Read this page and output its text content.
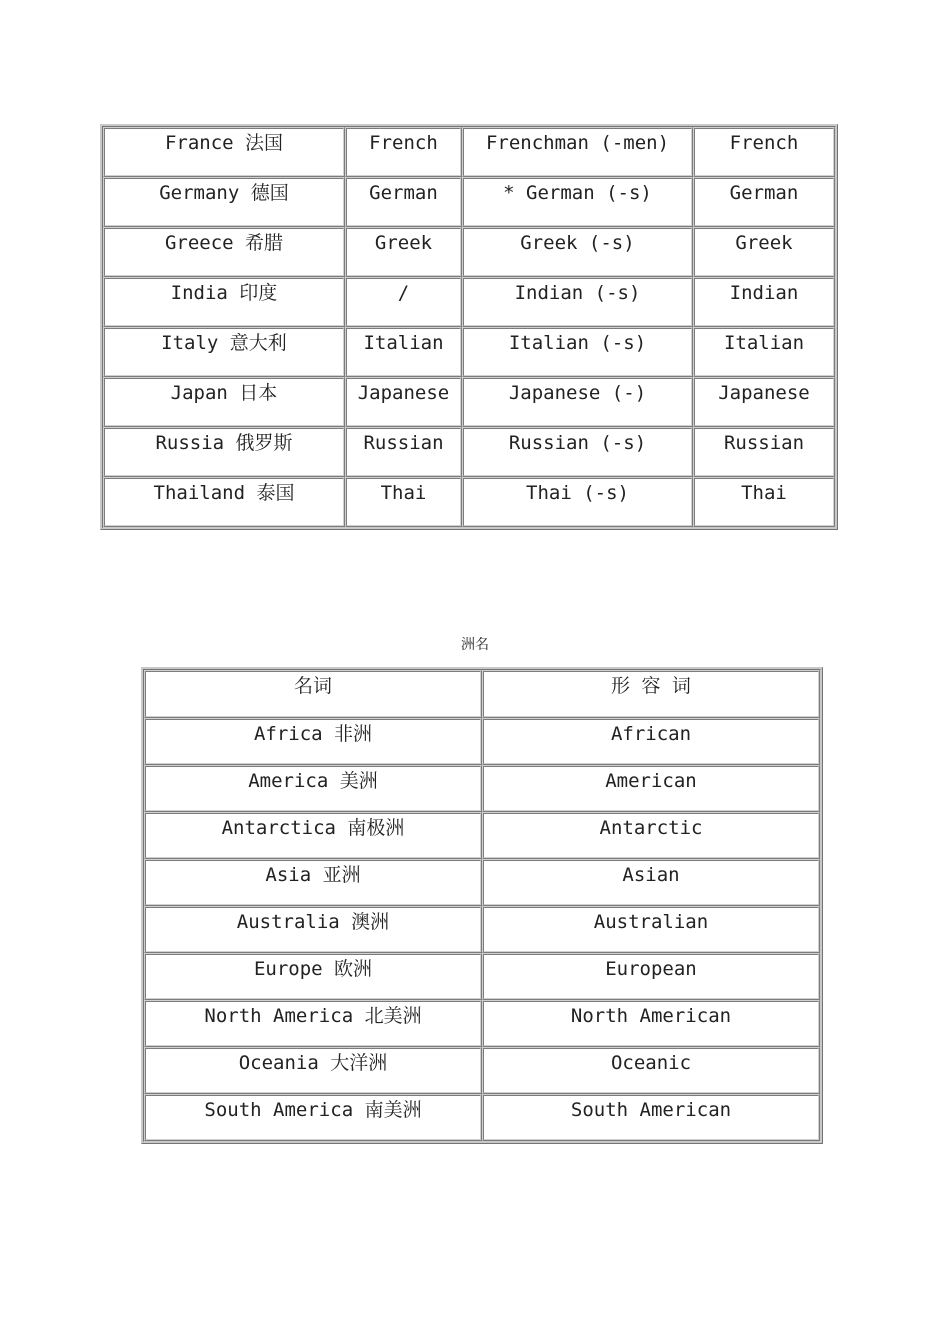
France 法国	French	Frenchman (-men)	French
Germany 德国	German	* German (-s)	German
Greece 希腊	Greek	Greek (-s)	Greek
India 印度	/	Indian (-s)	Indian
Italy 意大利	Italian	Italian (-s)	Italian
Japan 日本	Japanese	Japanese (-)	Japanese
Russia 俄罗斯	Russian	Russian (-s)	Russian
Thailand 泰国	Thai	Thai (-s)	Thai
洲名
名词	形 容 词
Africa 非洲	African
America 美洲	American
Antarctica 南极洲	Antarctic
Asia 亚洲	Asian
Australia 澳洲	Australian
Europe 欧洲	European
North America 北美洲	North American
Oceania 大洋洲	Oceanic
South America 南美洲	South American
